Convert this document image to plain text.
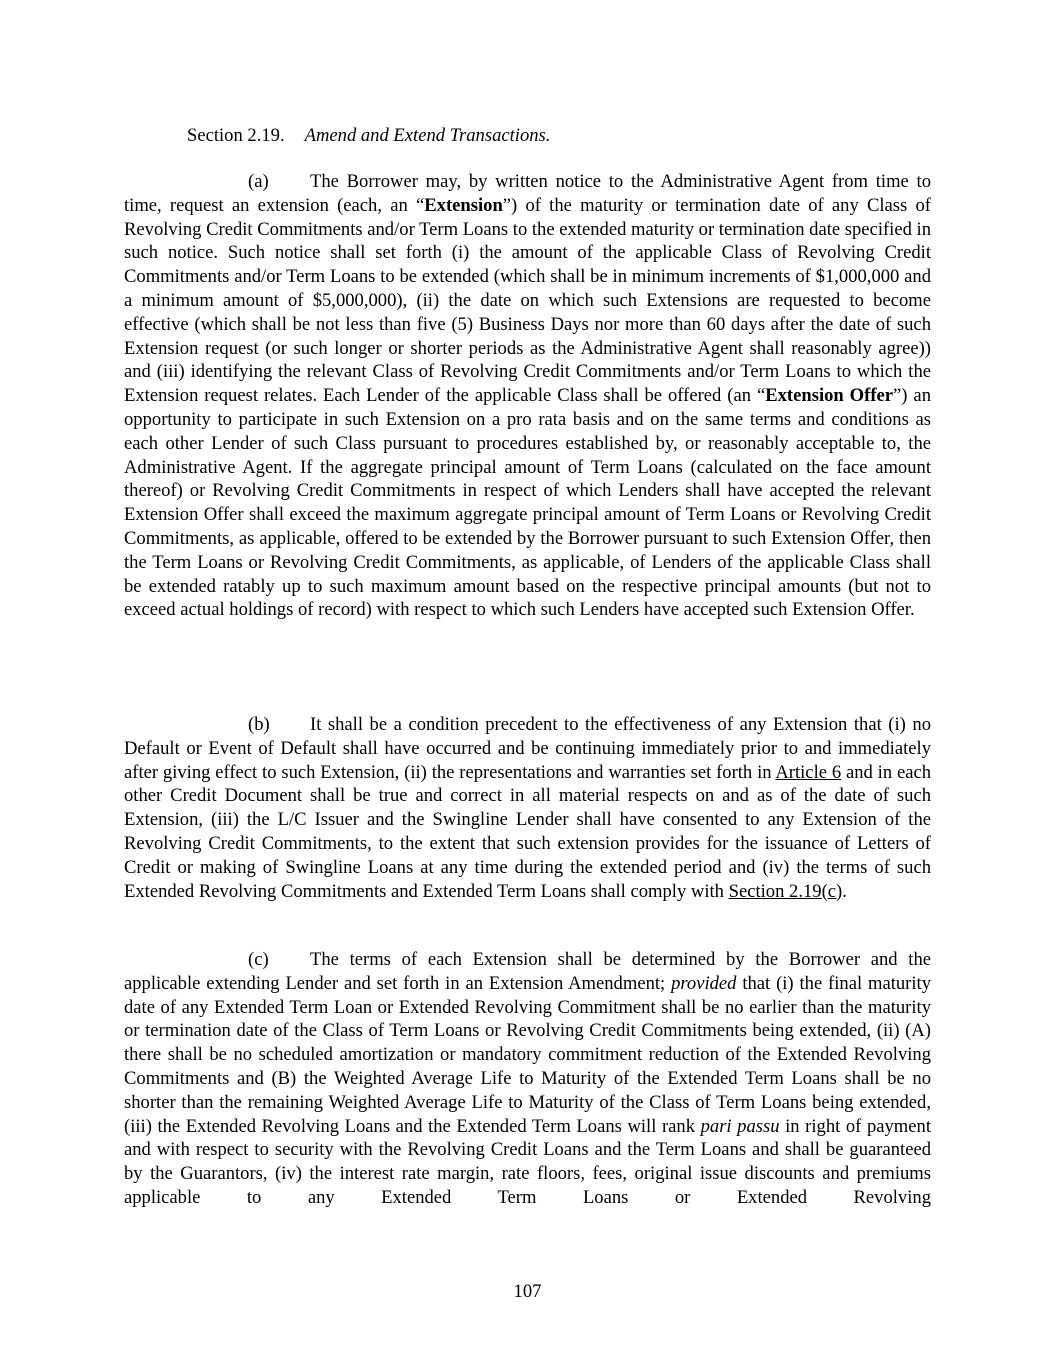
Section 2.19. Amend and Extend Transactions.
(a) The Borrower may, by written notice to the Administrative Agent from time to time, request an extension (each, an “Extension”) of the maturity or termination date of any Class of Revolving Credit Commitments and/or Term Loans to the extended maturity or termination date specified in such notice. Such notice shall set forth (i) the amount of the applicable Class of Revolving Credit Commitments and/or Term Loans to be extended (which shall be in minimum increments of $1,000,000 and a minimum amount of $5,000,000), (ii) the date on which such Extensions are requested to become effective (which shall be not less than five (5) Business Days nor more than 60 days after the date of such Extension request (or such longer or shorter periods as the Administrative Agent shall reasonably agree)) and (iii) identifying the relevant Class of Revolving Credit Commitments and/or Term Loans to which the Extension request relates. Each Lender of the applicable Class shall be offered (an “Extension Offer”) an opportunity to participate in such Extension on a pro rata basis and on the same terms and conditions as each other Lender of such Class pursuant to procedures established by, or reasonably acceptable to, the Administrative Agent. If the aggregate principal amount of Term Loans (calculated on the face amount thereof) or Revolving Credit Commitments in respect of which Lenders shall have accepted the relevant Extension Offer shall exceed the maximum aggregate principal amount of Term Loans or Revolving Credit Commitments, as applicable, offered to be extended by the Borrower pursuant to such Extension Offer, then the Term Loans or Revolving Credit Commitments, as applicable, of Lenders of the applicable Class shall be extended ratably up to such maximum amount based on the respective principal amounts (but not to exceed actual holdings of record) with respect to which such Lenders have accepted such Extension Offer.
(b) It shall be a condition precedent to the effectiveness of any Extension that (i) no Default or Event of Default shall have occurred and be continuing immediately prior to and immediately after giving effect to such Extension, (ii) the representations and warranties set forth in Article 6 and in each other Credit Document shall be true and correct in all material respects on and as of the date of such Extension, (iii) the L/C Issuer and the Swingline Lender shall have consented to any Extension of the Revolving Credit Commitments, to the extent that such extension provides for the issuance of Letters of Credit or making of Swingline Loans at any time during the extended period and (iv) the terms of such Extended Revolving Commitments and Extended Term Loans shall comply with Section 2.19(c).
(c) The terms of each Extension shall be determined by the Borrower and the applicable extending Lender and set forth in an Extension Amendment; provided that (i) the final maturity date of any Extended Term Loan or Extended Revolving Commitment shall be no earlier than the maturity or termination date of the Class of Term Loans or Revolving Credit Commitments being extended, (ii) (A) there shall be no scheduled amortization or mandatory commitment reduction of the Extended Revolving Commitments and (B) the Weighted Average Life to Maturity of the Extended Term Loans shall be no shorter than the remaining Weighted Average Life to Maturity of the Class of Term Loans being extended, (iii) the Extended Revolving Loans and the Extended Term Loans will rank pari passu in right of payment and with respect to security with the Revolving Credit Loans and the Term Loans and shall be guaranteed by the Guarantors, (iv) the interest rate margin, rate floors, fees, original issue discounts and premiums applicable to any Extended Term Loans or Extended Revolving
107
